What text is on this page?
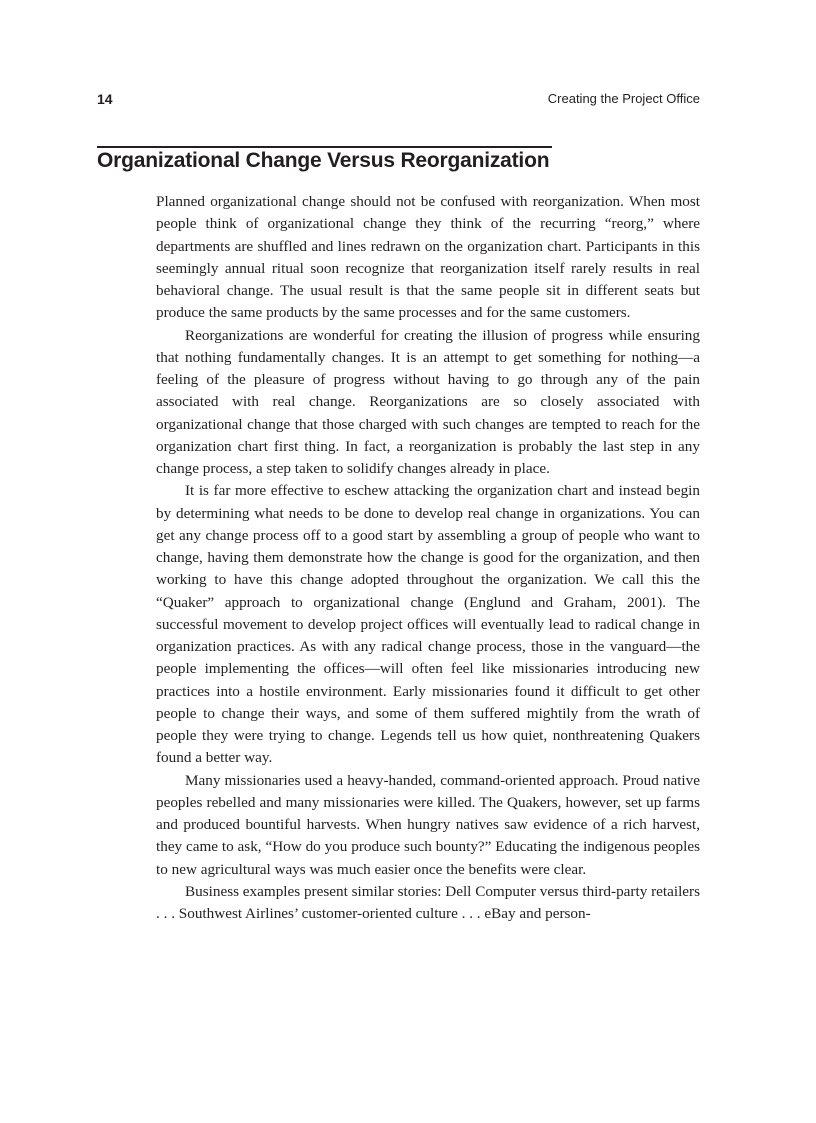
14	Creating the Project Office
Organizational Change Versus Reorganization

Planned organizational change should not be confused with reorganization. When most people think of organizational change they think of the recurring “reorg,” where departments are shuffled and lines redrawn on the organization chart. Participants in this seemingly annual ritual soon recognize that reorganization itself rarely results in real behavioral change. The usual result is that the same people sit in different seats but produce the same products by the same processes and for the same customers.

Reorganizations are wonderful for creating the illusion of progress while ensuring that nothing fundamentally changes. It is an attempt to get something for nothing—a feeling of the pleasure of progress without having to go through any of the pain associated with real change. Reorganizations are so closely associated with organizational change that those charged with such changes are tempted to reach for the organization chart first thing. In fact, a reorganization is probably the last step in any change process, a step taken to solidify changes already in place.

It is far more effective to eschew attacking the organization chart and instead begin by determining what needs to be done to develop real change in organizations. You can get any change process off to a good start by assembling a group of people who want to change, having them demonstrate how the change is good for the organization, and then working to have this change adopted throughout the organization. We call this the “Quaker” approach to organizational change (Englund and Graham, 2001). The successful movement to develop project offices will eventually lead to radical change in organization practices. As with any radical change process, those in the vanguard—the people implementing the offices—will often feel like missionaries introducing new practices into a hostile environment. Early missionaries found it difficult to get other people to change their ways, and some of them suffered mightily from the wrath of people they were trying to change. Legends tell us how quiet, nonthreatening Quakers found a better way.

Many missionaries used a heavy-handed, command-oriented approach. Proud native peoples rebelled and many missionaries were killed. The Quakers, however, set up farms and produced bountiful harvests. When hungry natives saw evidence of a rich harvest, they came to ask, “How do you produce such bounty?” Educating the indigenous peoples to new agricultural ways was much easier once the benefits were clear.

Business examples present similar stories: Dell Computer versus third-party retailers . . . Southwest Airlines’ customer-oriented culture . . . eBay and person-
